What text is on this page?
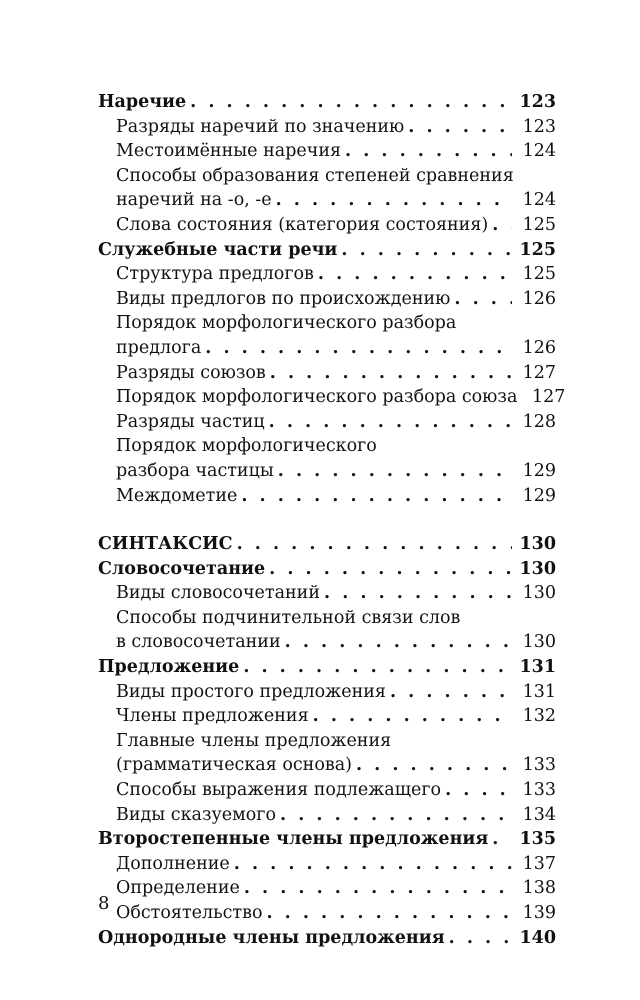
Наречие . . .	123
Разряды наречий по значению . . .	123
Местоимённые наречия . . .	124
Способы образования степеней сравнения
наречий на -о, -е . . .	124
Слова состояния (категория состояния) . . .	125
Служебные части речи . . .	125
Структура предлогов . . .	125
Виды предлогов по происхождению . . .	126
Порядок морфологического разбора
предлога . . .	126
Разряды союзов . . .	127
Порядок морфологического разбора союза 127
Разряды частиц . . .	128
Порядок морфологического
разбора частицы . . .	129
Междометие . . .	129
СИНТАКСИС . . .	130
Словосочетание . . .	130
Виды словосочетаний . . .	130
Способы подчинительной связи слов
в словосочетании . . .	130
Предложение . . .	131
Виды простого предложения . . .	131
Члены предложения . . .	132
Главные члены предложения
(грамматическая основа) . . .	133
Способы выражения подлежащего . . .	133
Виды сказуемого . . .	134
Второстепенные члены предложения . . . 135
Дополнение . . .	137
Определение . . .	138
Обстоятельство . . .	139
Однородные члены предложения . . .	140
8
